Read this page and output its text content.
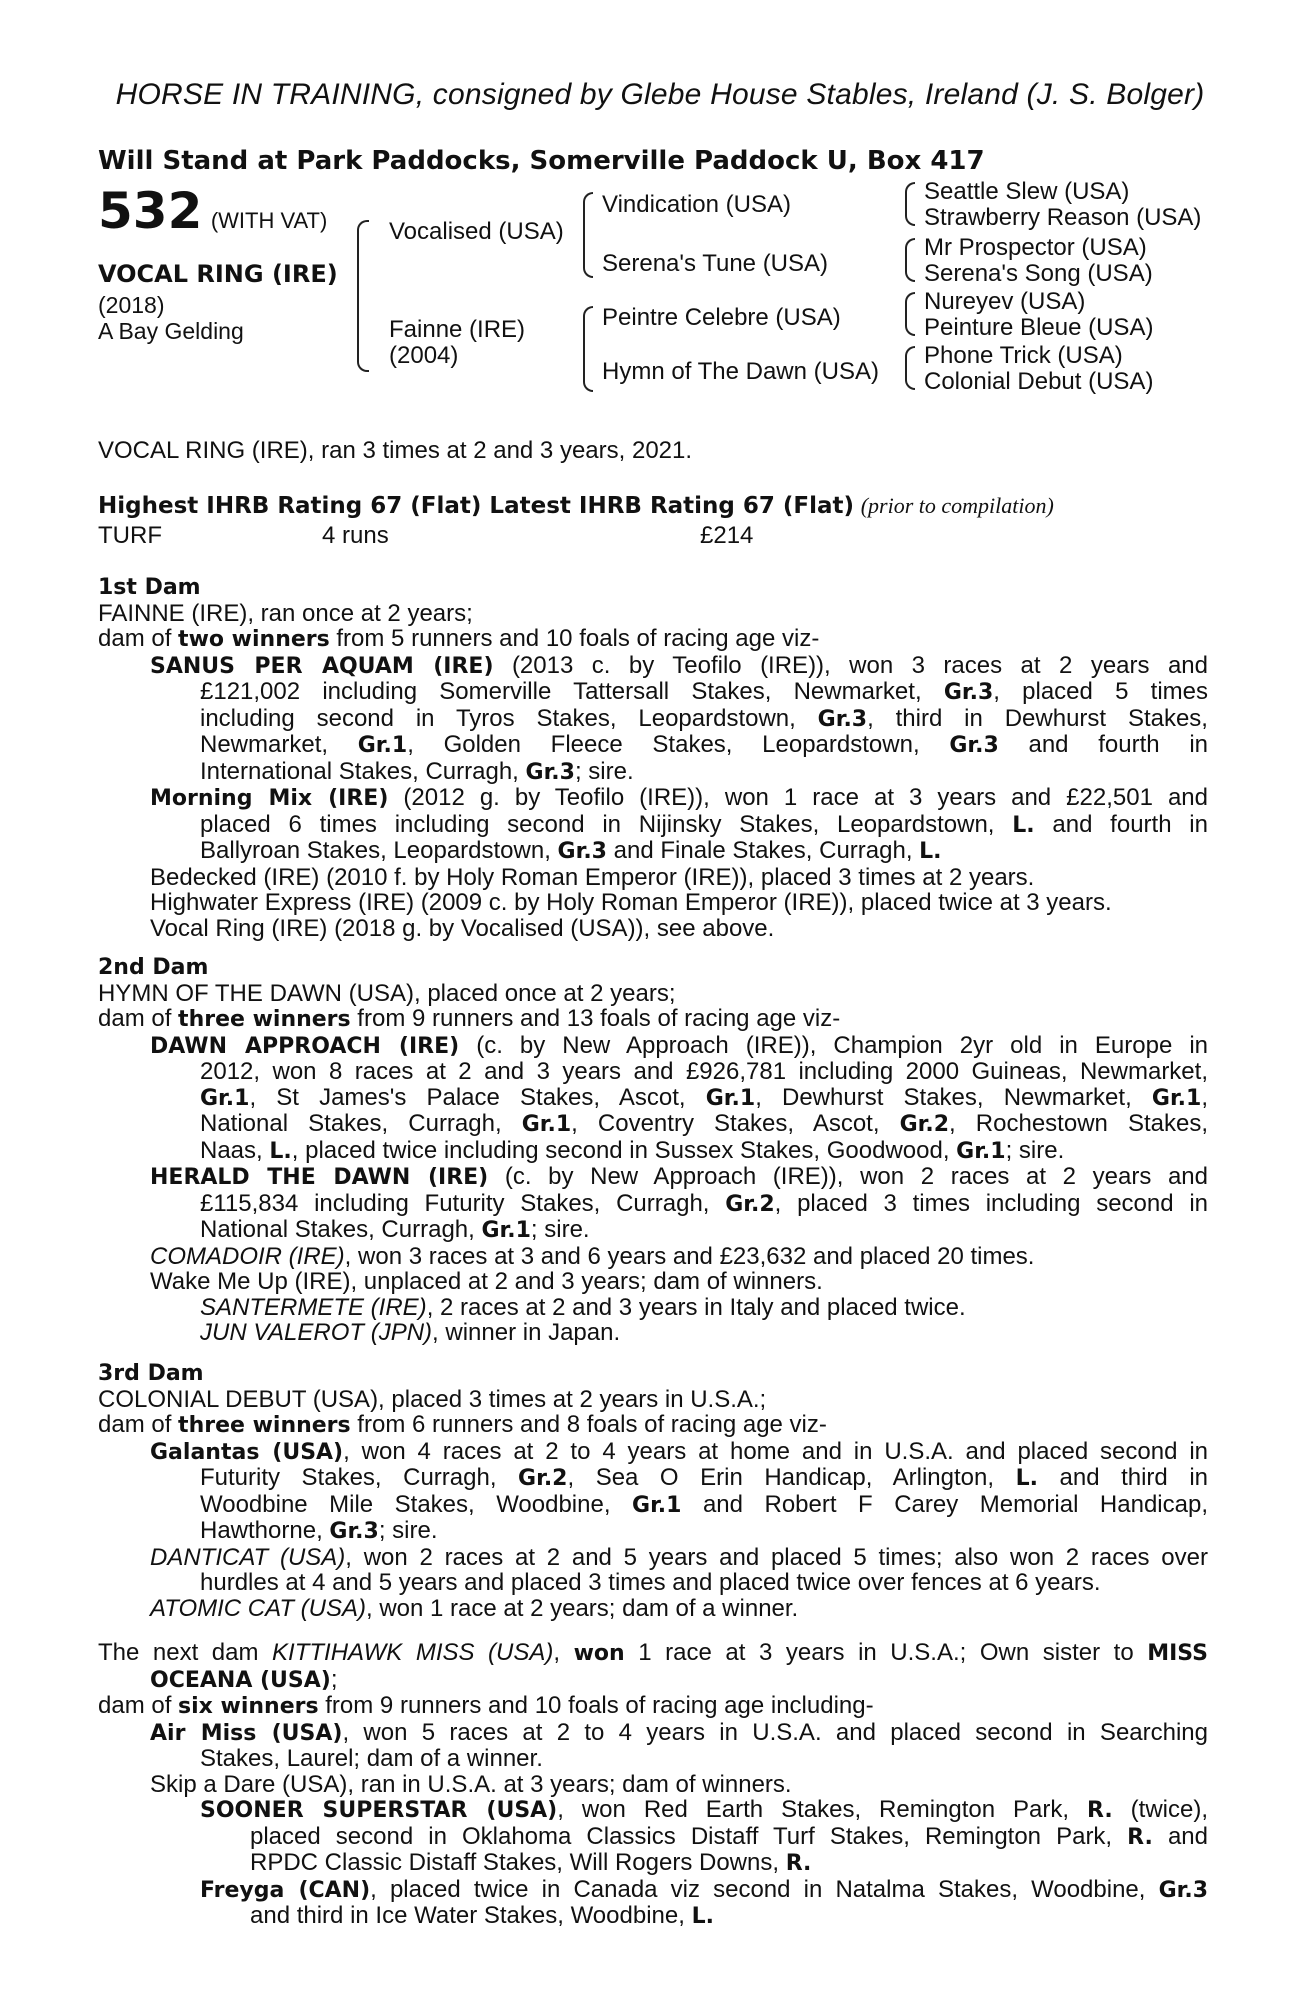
HORSE IN TRAINING, consigned by Glebe House Stables, Ireland (J. S. Bolger)
Will Stand at Park Paddocks, Somerville Paddock U, Box 417
532 (WITH VAT)
VOCAL RING (IRE)
(2018)
A Bay Gelding
Vocalised (USA)
Fainne (IRE)
(2004)
Vindication (USA)
Serena's Tune (USA)
Peintre Celebre (USA)
Hymn of The Dawn (USA)
Seattle Slew (USA)
Strawberry Reason (USA)
Mr Prospector (USA)
Serena's Song (USA)
Nureyev (USA)
Peinture Bleue (USA)
Phone Trick (USA)
Colonial Debut (USA)
VOCAL RING (IRE), ran 3 times at 2 and 3 years, 2021.
Highest IHRB Rating 67 (Flat) Latest IHRB Rating 67 (Flat) (prior to compilation)
TURF	4 runs	£214
1st Dam
FAINNE (IRE), ran once at 2 years;
dam of two winners from 5 runners and 10 foals of racing age viz-
SANUS PER AQUAM (IRE) (2013 c. by Teofilo (IRE)), won 3 races at 2 years and
£121,002 including Somerville Tattersall Stakes, Newmarket, Gr.3, placed 5 times
including second in Tyros Stakes, Leopardstown, Gr.3, third in Dewhurst Stakes,
Newmarket, Gr.1, Golden Fleece Stakes, Leopardstown, Gr.3 and fourth in
International Stakes, Curragh, Gr.3; sire.
Morning Mix (IRE) (2012 g. by Teofilo (IRE)), won 1 race at 3 years and £22,501 and
placed 6 times including second in Nijinsky Stakes, Leopardstown, L. and fourth in
Ballyroan Stakes, Leopardstown, Gr.3 and Finale Stakes, Curragh, L.
Bedecked (IRE) (2010 f. by Holy Roman Emperor (IRE)), placed 3 times at 2 years.
Highwater Express (IRE) (2009 c. by Holy Roman Emperor (IRE)), placed twice at 3 years.
Vocal Ring (IRE) (2018 g. by Vocalised (USA)), see above.
2nd Dam
HYMN OF THE DAWN (USA), placed once at 2 years;
dam of three winners from 9 runners and 13 foals of racing age viz-
DAWN APPROACH (IRE) (c. by New Approach (IRE)), Champion 2yr old in Europe in
2012, won 8 races at 2 and 3 years and £926,781 including 2000 Guineas, Newmarket,
Gr.1, St James's Palace Stakes, Ascot, Gr.1, Dewhurst Stakes, Newmarket, Gr.1,
National Stakes, Curragh, Gr.1, Coventry Stakes, Ascot, Gr.2, Rochestown Stakes,
Naas, L., placed twice including second in Sussex Stakes, Goodwood, Gr.1; sire.
HERALD THE DAWN (IRE) (c. by New Approach (IRE)), won 2 races at 2 years and
£115,834 including Futurity Stakes, Curragh, Gr.2, placed 3 times including second in
National Stakes, Curragh, Gr.1; sire.
COMADOIR (IRE), won 3 races at 3 and 6 years and £23,632 and placed 20 times.
Wake Me Up (IRE), unplaced at 2 and 3 years; dam of winners.
SANTERMETE (IRE), 2 races at 2 and 3 years in Italy and placed twice.
JUN VALEROT (JPN), winner in Japan.
3rd Dam
COLONIAL DEBUT (USA), placed 3 times at 2 years in U.S.A.;
dam of three winners from 6 runners and 8 foals of racing age viz-
Galantas (USA), won 4 races at 2 to 4 years at home and in U.S.A. and placed second in
Futurity Stakes, Curragh, Gr.2, Sea O Erin Handicap, Arlington, L. and third in
Woodbine Mile Stakes, Woodbine, Gr.1 and Robert F Carey Memorial Handicap,
Hawthorne, Gr.3; sire.
DANTICAT (USA), won 2 races at 2 and 5 years and placed 5 times; also won 2 races over
hurdles at 4 and 5 years and placed 3 times and placed twice over fences at 6 years.
ATOMIC CAT (USA), won 1 race at 2 years; dam of a winner.
The next dam KITTIHAWK MISS (USA), won 1 race at 3 years in U.S.A.; Own sister to MISS
OCEANA (USA);
dam of six winners from 9 runners and 10 foals of racing age including-
Air Miss (USA), won 5 races at 2 to 4 years in U.S.A. and placed second in Searching
Stakes, Laurel; dam of a winner.
Skip a Dare (USA), ran in U.S.A. at 3 years; dam of winners.
SOONER SUPERSTAR (USA), won Red Earth Stakes, Remington Park, R. (twice),
placed second in Oklahoma Classics Distaff Turf Stakes, Remington Park, R. and
RPDC Classic Distaff Stakes, Will Rogers Downs, R.
Freyga (CAN), placed twice in Canada viz second in Natalma Stakes, Woodbine, Gr.3
and third in Ice Water Stakes, Woodbine, L.
